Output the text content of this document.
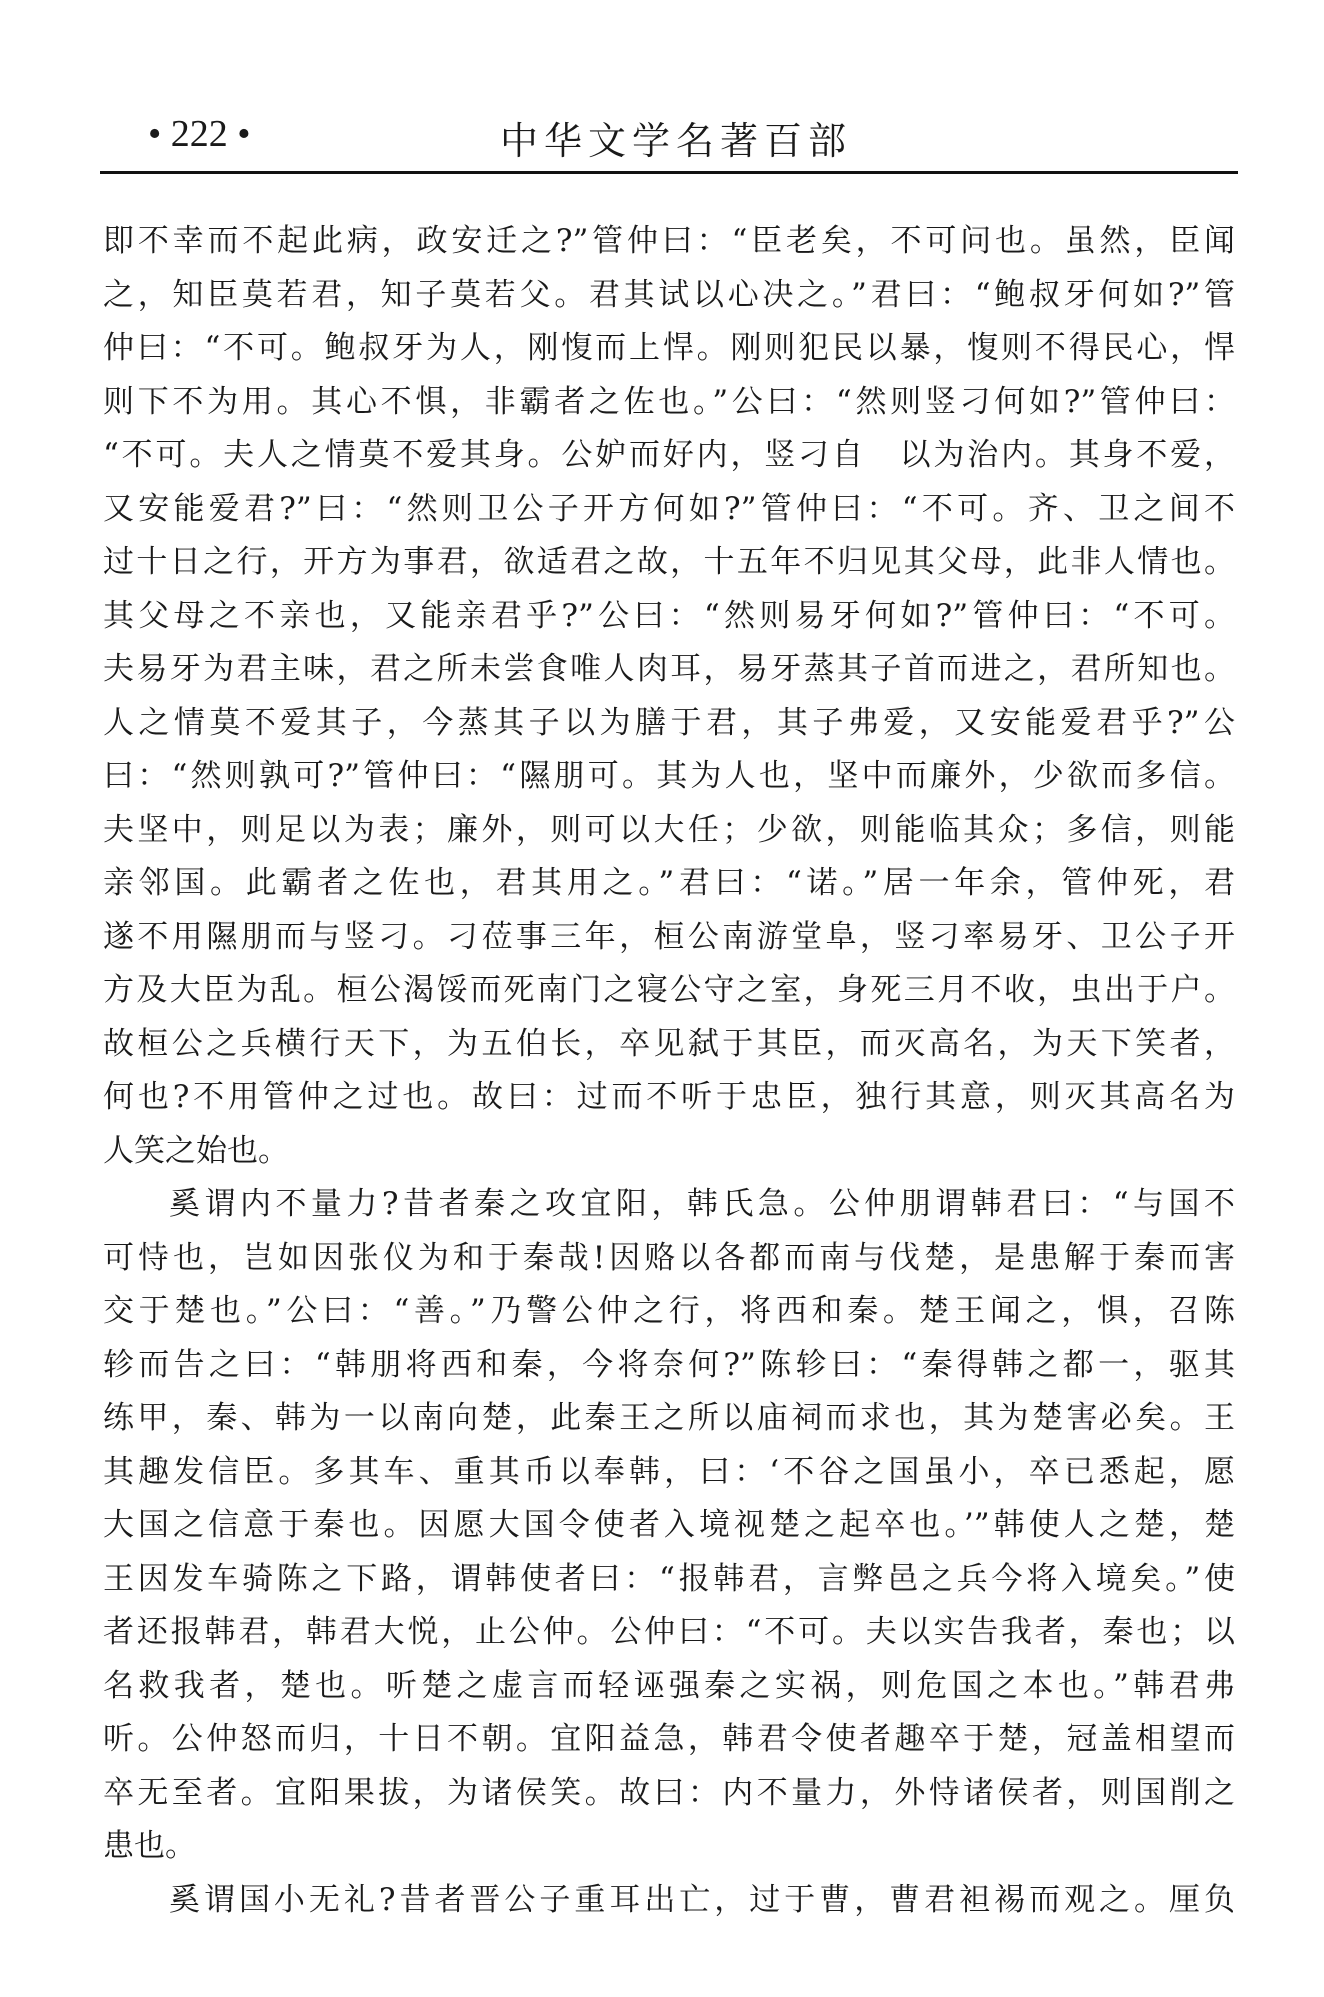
• 222 •	中华文学名著百部
即不幸而不起此病，政安迁之?”管仲曰：“臣老矣，不可问也。虽然，臣闻
之，知臣莫若君，知子莫若父。君其试以心决之。”君曰：“鲍叔牙何如?”管
仲曰：“不可。鲍叔牙为人，刚愎而上悍。刚则犯民以暴，愎则不得民心，悍
则下不为用。其心不惧，非霸者之佐也。”公曰：“然则竖刁何如?”管仲曰：
“不可。夫人之情莫不爱其身。公妒而好内，竖刁自　以为治内。其身不爱，
又安能爱君?”曰：“然则卫公子开方何如?”管仲曰：“不可。齐、卫之间不
过十日之行，开方为事君，欲适君之故，十五年不归见其父母，此非人情也。
其父母之不亲也，又能亲君乎?”公曰：“然则易牙何如?”管仲曰：“不可。
夫易牙为君主味，君之所未尝食唯人肉耳，易牙蒸其子首而进之，君所知也。
人之情莫不爱其子，今蒸其子以为膳于君，其子弗爱，又安能爱君乎?”公
曰：“然则孰可?”管仲曰：“隰朋可。其为人也，坚中而廉外，少欲而多信。
夫坚中，则足以为表；廉外，则可以大任；少欲，则能临其众；多信，则能
亲邻国。此霸者之佐也，君其用之。”君曰：“诺。”居一年余，管仲死，君
遂不用隰朋而与竖刁。刁莅事三年，桓公南游堂阜，竖刁率易牙、卫公子开
方及大臣为乱。桓公渴馁而死南门之寝公守之室，身死三月不收，虫出于户。
故桓公之兵横行天下，为五伯长，卒见弑于其臣，而灭高名，为天下笑者，
何也?不用管仲之过也。故曰：过而不听于忠臣，独行其意，则灭其高名为
人笑之始也。
奚谓内不量力?昔者秦之攻宜阳，韩氏急。公仲朋谓韩君曰：“与国不
可恃也，岂如因张仪为和于秦哉!因赂以各都而南与伐楚，是患解于秦而害
交于楚也。”公曰：“善。”乃警公仲之行，将西和秦。楚王闻之，惧，召陈
轸而告之曰：“韩朋将西和秦，今将奈何?”陈轸曰：“秦得韩之都一，驱其
练甲，秦、韩为一以南向楚，此秦王之所以庙祠而求也，其为楚害必矣。王
其趣发信臣。多其车、重其币以奉韩，曰：‘不谷之国虽小，卒已悉起，愿
大国之信意于秦也。因愿大国令使者入境视楚之起卒也。’”韩使人之楚，楚
王因发车骑陈之下路，谓韩使者曰：“报韩君，言弊邑之兵今将入境矣。”使
者还报韩君，韩君大悦，止公仲。公仲曰：“不可。夫以实告我者，秦也；以
名救我者，楚也。听楚之虚言而轻诬强秦之实祸，则危国之本也。”韩君弗
听。公仲怒而归，十日不朝。宜阳益急，韩君令使者趣卒于楚，冠盖相望而
卒无至者。宜阳果拔，为诸侯笑。故曰：内不量力，外恃诸侯者，则国削之
患也。
奚谓国小无礼?昔者晋公子重耳出亡，过于曹，曹君袒裼而观之。厘负
